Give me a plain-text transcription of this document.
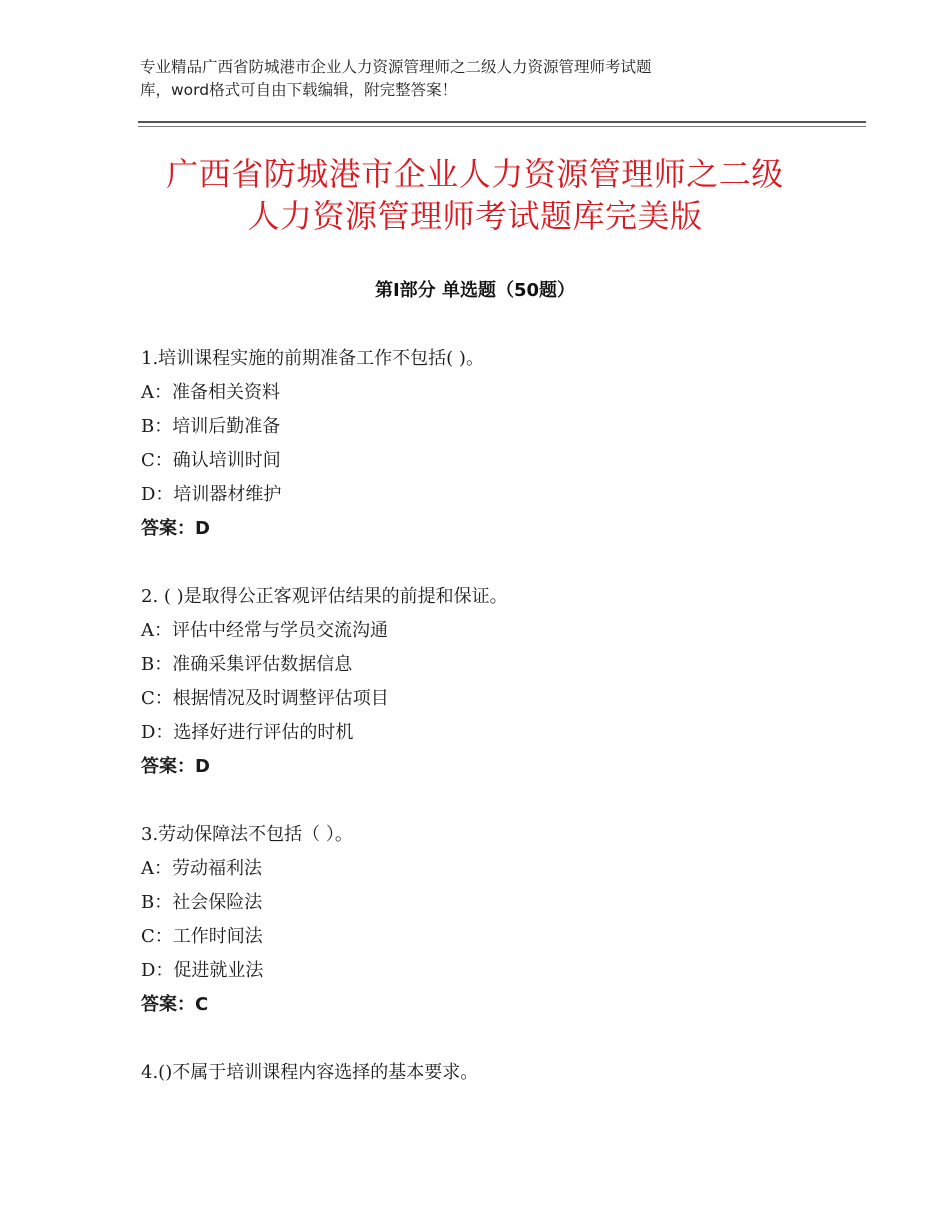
专业精品广西省防城港市企业人力资源管理师之二级人力资源管理师考试题
库，word格式可自由下载编辑，附完整答案！
广西省防城港市企业人力资源管理师之二级
人力资源管理师考试题库完美版
第Ⅰ部分 单选题（50题）
1.培训课程实施的前期准备工作不包括( )。
A：准备相关资料
B：培训后勤准备
C：确认培训时间
D：培训器材维护
答案：D
2. ( )是取得公正客观评估结果的前提和保证。
A：评估中经常与学员交流沟通
B：准确采集评估数据信息
C：根据情况及时调整评估项目
D：选择好进行评估的时机
答案：D
3.劳动保障法不包括（ ）。
A：劳动福利法
B：社会保险法
C：工作时间法
D：促进就业法
答案：C
4.()不属于培训课程内容选择的基本要求。
